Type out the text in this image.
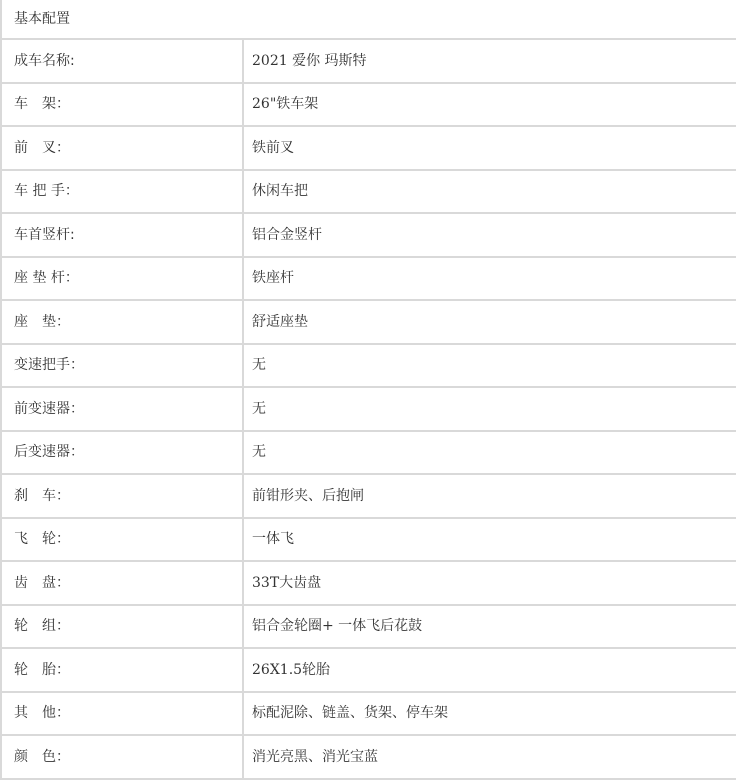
基本配置	
成车名称:	2021 爱你 玛斯特
车　架：	26"铁车架
前　叉：	铁前叉
车 把 手：	休闲车把
车首竖杆:	铝合金竖杆
座 垫 杆：	铁座杆
座　垫：	舒适座垫
变速把手：	无
前变速器：	无
后变速器：	无
刹　车：	前钳形夹、后抱闸
飞　轮：	一体飞
齿　盘：	33T大齿盘
轮　组：	铝合金轮圈+ 一体飞后花鼓
轮　胎：	26X1.5轮胎
其　他：	标配泥除、链盖、货架、停车架
颜　色：	消光亮黑、消光宝蓝
